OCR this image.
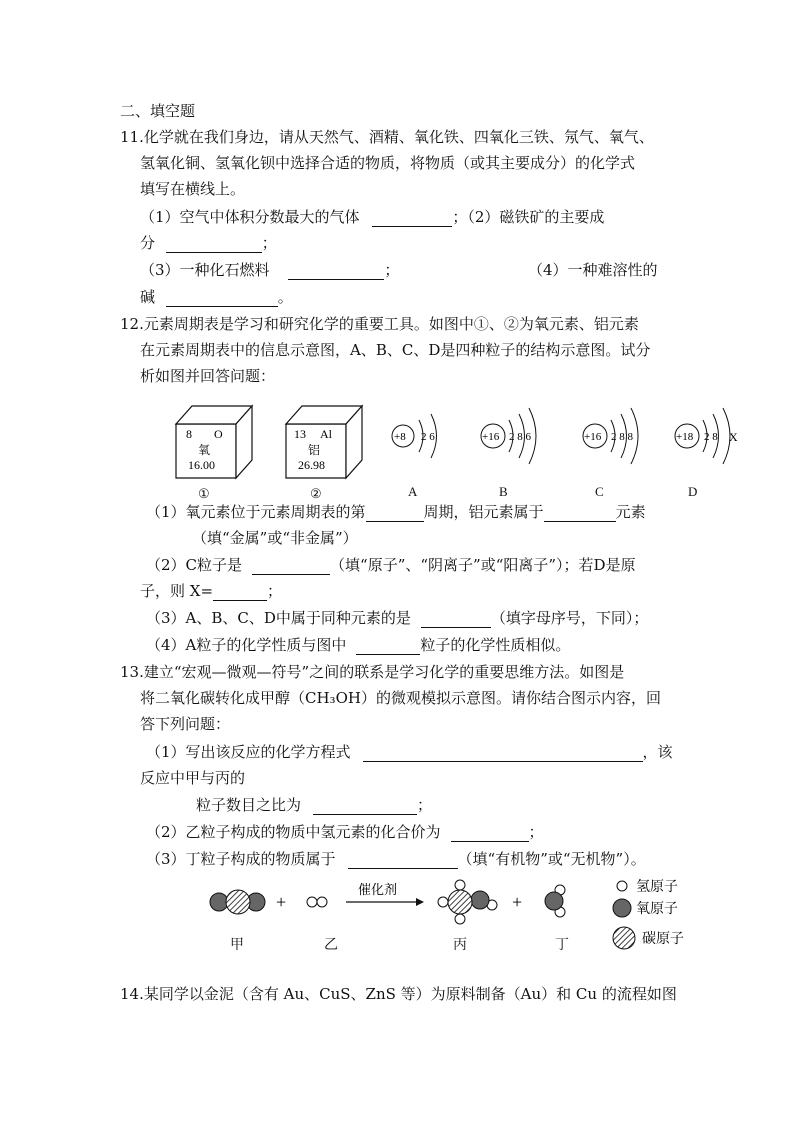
二、填空题
11.化学就在我们身边，请从天然气、酒精、氧化铁、四氧化三铁、氖气、氧气、
氢氧化铜、氢氧化钡中选择合适的物质，将物质（或其主要成分）的化学式
填写在横线上。
（1）空气中体积分数最大的气体	；（2）磁铁矿的主要成
分	；
（3）一种化石燃料	；	（4）一种难溶性的
碱	。
12.元素周期表是学习和研究化学的重要工具。如图中①、②为氧元素、铝元素
在元素周期表中的信息示意图，A、B、C、D是四种粒子的结构示意图。试分
析如图并回答问题：
8 O
氧
16.00
13 Al
铝
26.98
①	②
+8 2 6	+16 2 8 6	+16 2 8 8	+18 2 8 X
A	B	C	D
（1）氧元素位于元素周期表的第	周期，铝元素属于	元素
（填“金属”或“非金属”）
（2）C粒子是	（填“原子”、“阴离子”或“阳离子”）；若D是原
子，则 X=	；
（3）A、B、C、D中属于同种元素的是	（填字母序号，下同）；
（4）A粒子的化学性质与图中	粒子的化学性质相似。
13.建立“宏观—微观—符号”之间的联系是学习化学的重要思维方法。如图是
将二氧化碳转化成甲醇（CH₃OH）的微观模拟示意图。请你结合图示内容，回
答下列问题：
（1）写出该反应的化学方程式	，该
反应中甲与丙的
粒子数目之比为	；
（2）乙粒子构成的物质中氢元素的化合价为	；
（3）丁粒子构成的物质属于	（填“有机物”或“无机物”）。
+
催化剂
+
氢原子
氧原子
碳原子
甲	乙	丙	丁
14.某同学以金泥（含有 Au、CuS、ZnS 等）为原料制备（Au）和 Cu 的流程如图
